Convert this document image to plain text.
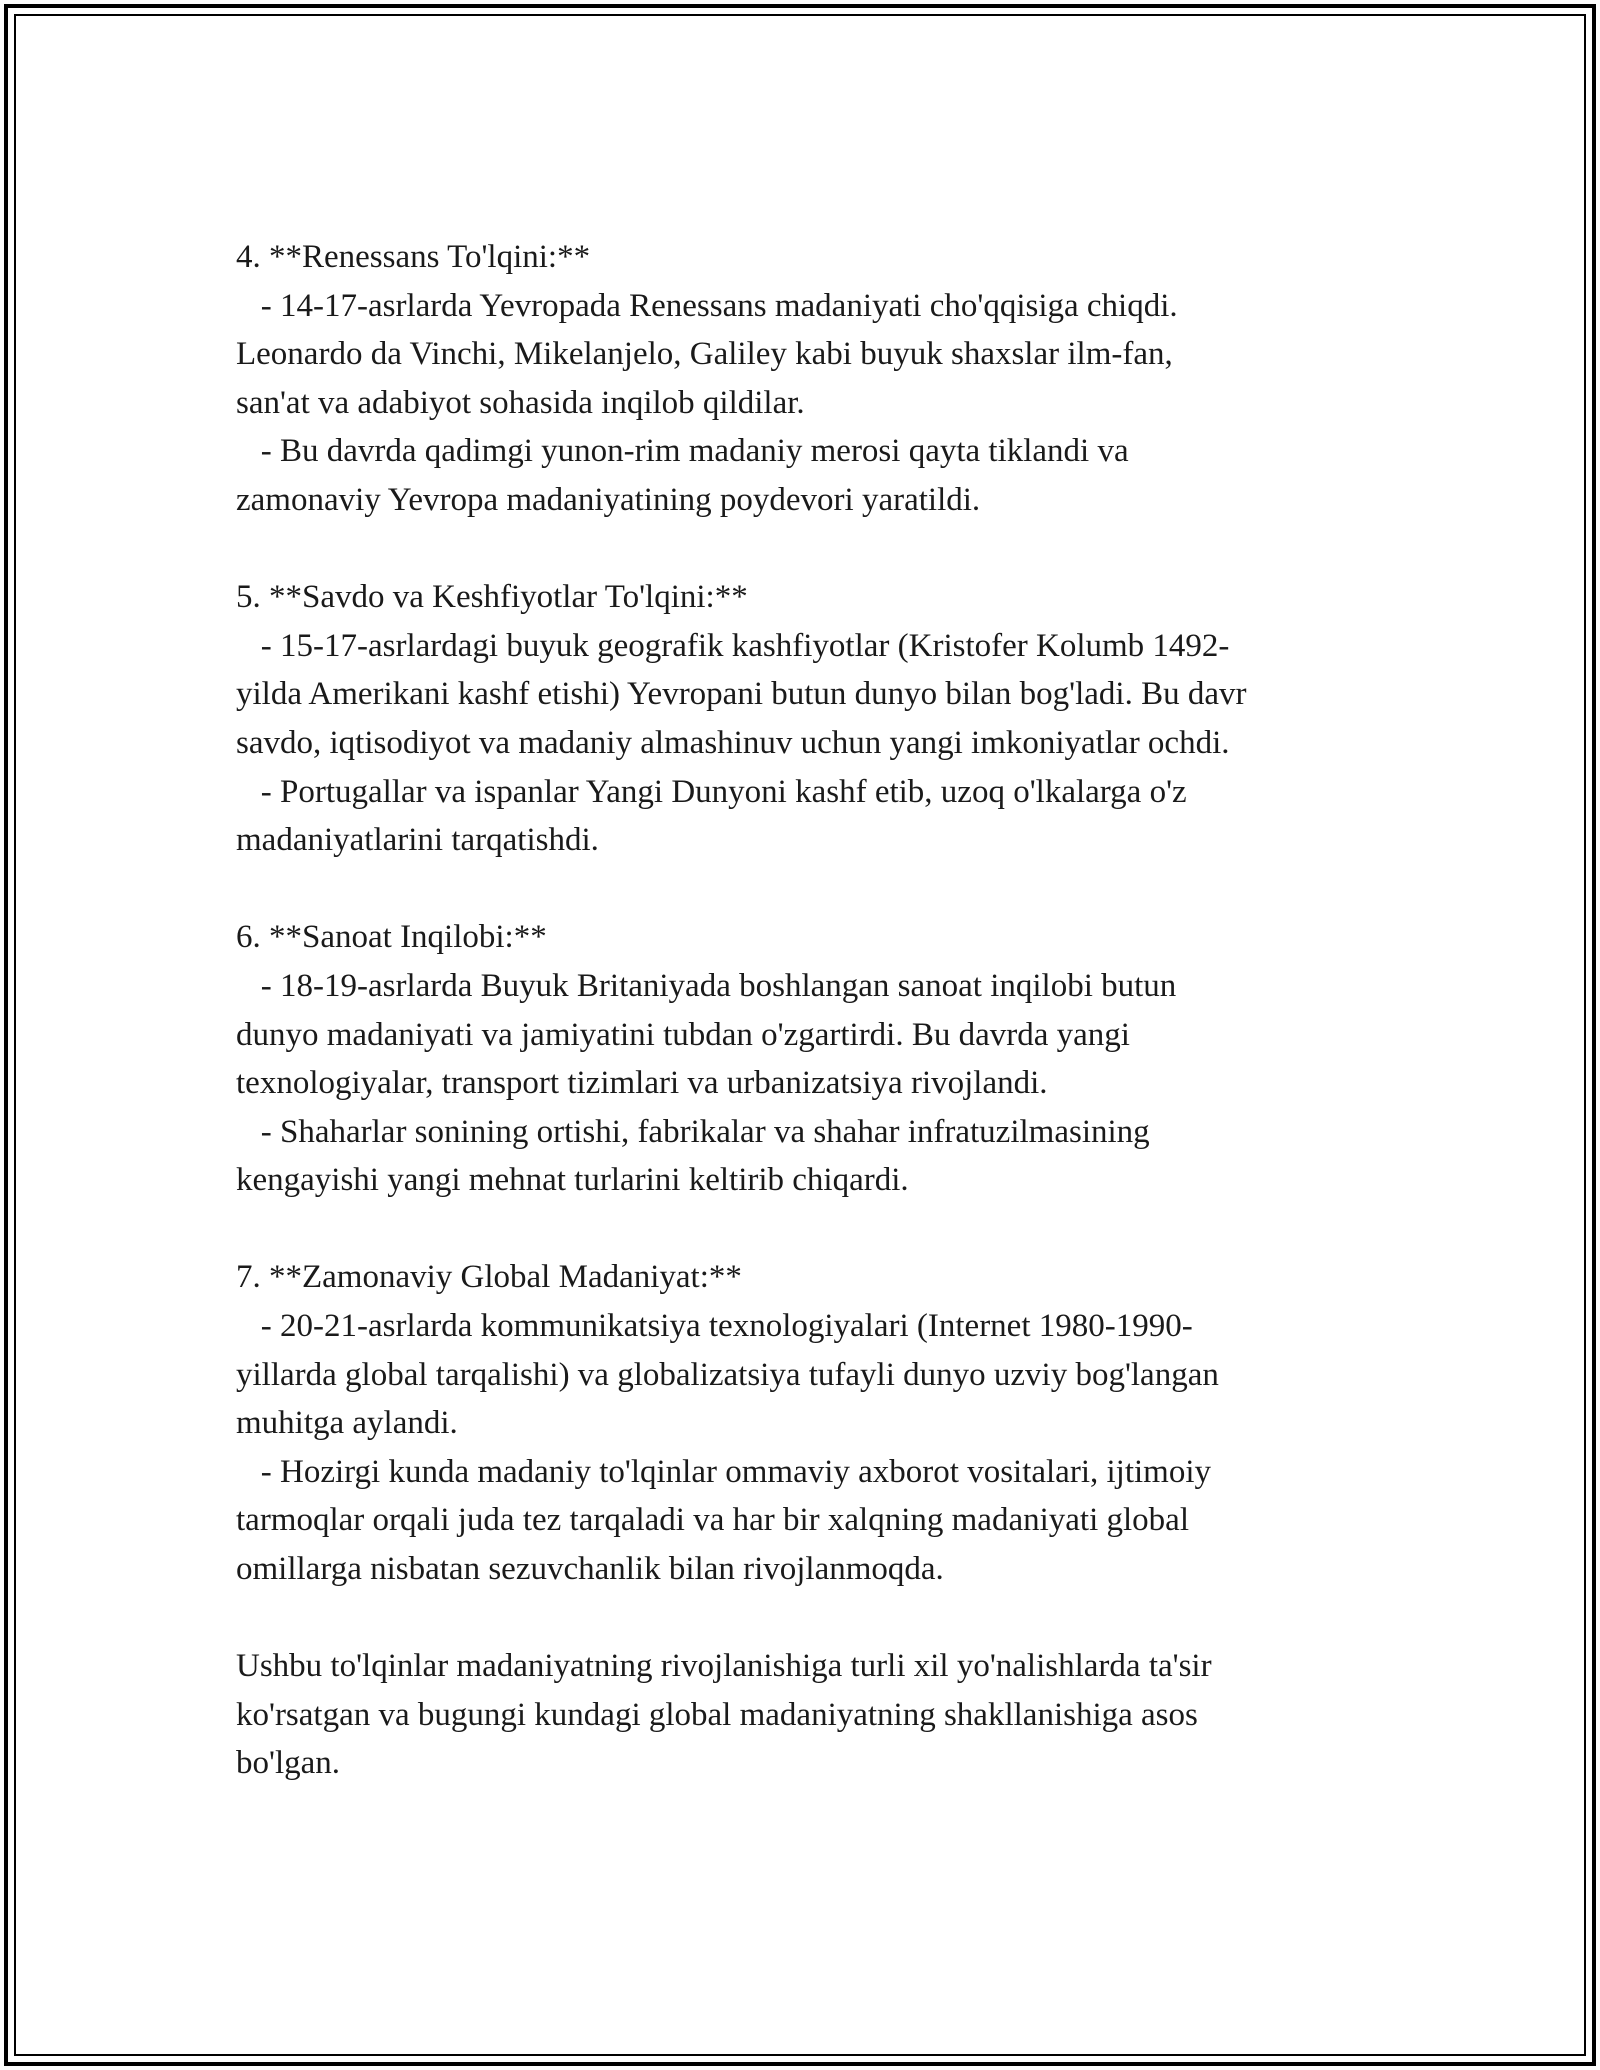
4. **Renessans To'lqini:**
- 14-17-asrlarda Yevropada Renessans madaniyati cho'qqisiga chiqdi.
Leonardo da Vinchi, Mikelanjelo, Galiley kabi buyuk shaxslar ilm-fan,
san'at va adabiyot sohasida inqilob qildilar.
- Bu davrda qadimgi yunon-rim madaniy merosi qayta tiklandi va
zamonaviy Yevropa madaniyatining poydevori yaratildi.
5. **Savdo va Keshfiyotlar To'lqini:**
- 15-17-asrlardagi buyuk geografik kashfiyotlar (Kristofer Kolumb 1492-
yilda Amerikani kashf etishi) Yevropani butun dunyo bilan bog'ladi. Bu davr
savdo, iqtisodiyot va madaniy almashinuv uchun yangi imkoniyatlar ochdi.
- Portugallar va ispanlar Yangi Dunyoni kashf etib, uzoq o'lkalarga o'z
madaniyatlarini tarqatishdi.
6. **Sanoat Inqilobi:**
- 18-19-asrlarda Buyuk Britaniyada boshlangan sanoat inqilobi butun
dunyo madaniyati va jamiyatini tubdan o'zgartirdi. Bu davrda yangi
texnologiyalar, transport tizimlari va urbanizatsiya rivojlandi.
- Shaharlar sonining ortishi, fabrikalar va shahar infratuzilmasining
kengayishi yangi mehnat turlarini keltirib chiqardi.
7. **Zamonaviy Global Madaniyat:**
- 20-21-asrlarda kommunikatsiya texnologiyalari (Internet 1980-1990-
yillarda global tarqalishi) va globalizatsiya tufayli dunyo uzviy bog'langan
muhitga aylandi.
- Hozirgi kunda madaniy to'lqinlar ommaviy axborot vositalari, ijtimoiy
tarmoqlar orqali juda tez tarqaladi va har bir xalqning madaniyati global
omillarga nisbatan sezuvchanlik bilan rivojlanmoqda.
Ushbu to'lqinlar madaniyatning rivojlanishiga turli xil yo'nalishlarda ta'sir
ko'rsatgan va bugungi kundagi global madaniyatning shakllanishiga asos
bo'lgan.
